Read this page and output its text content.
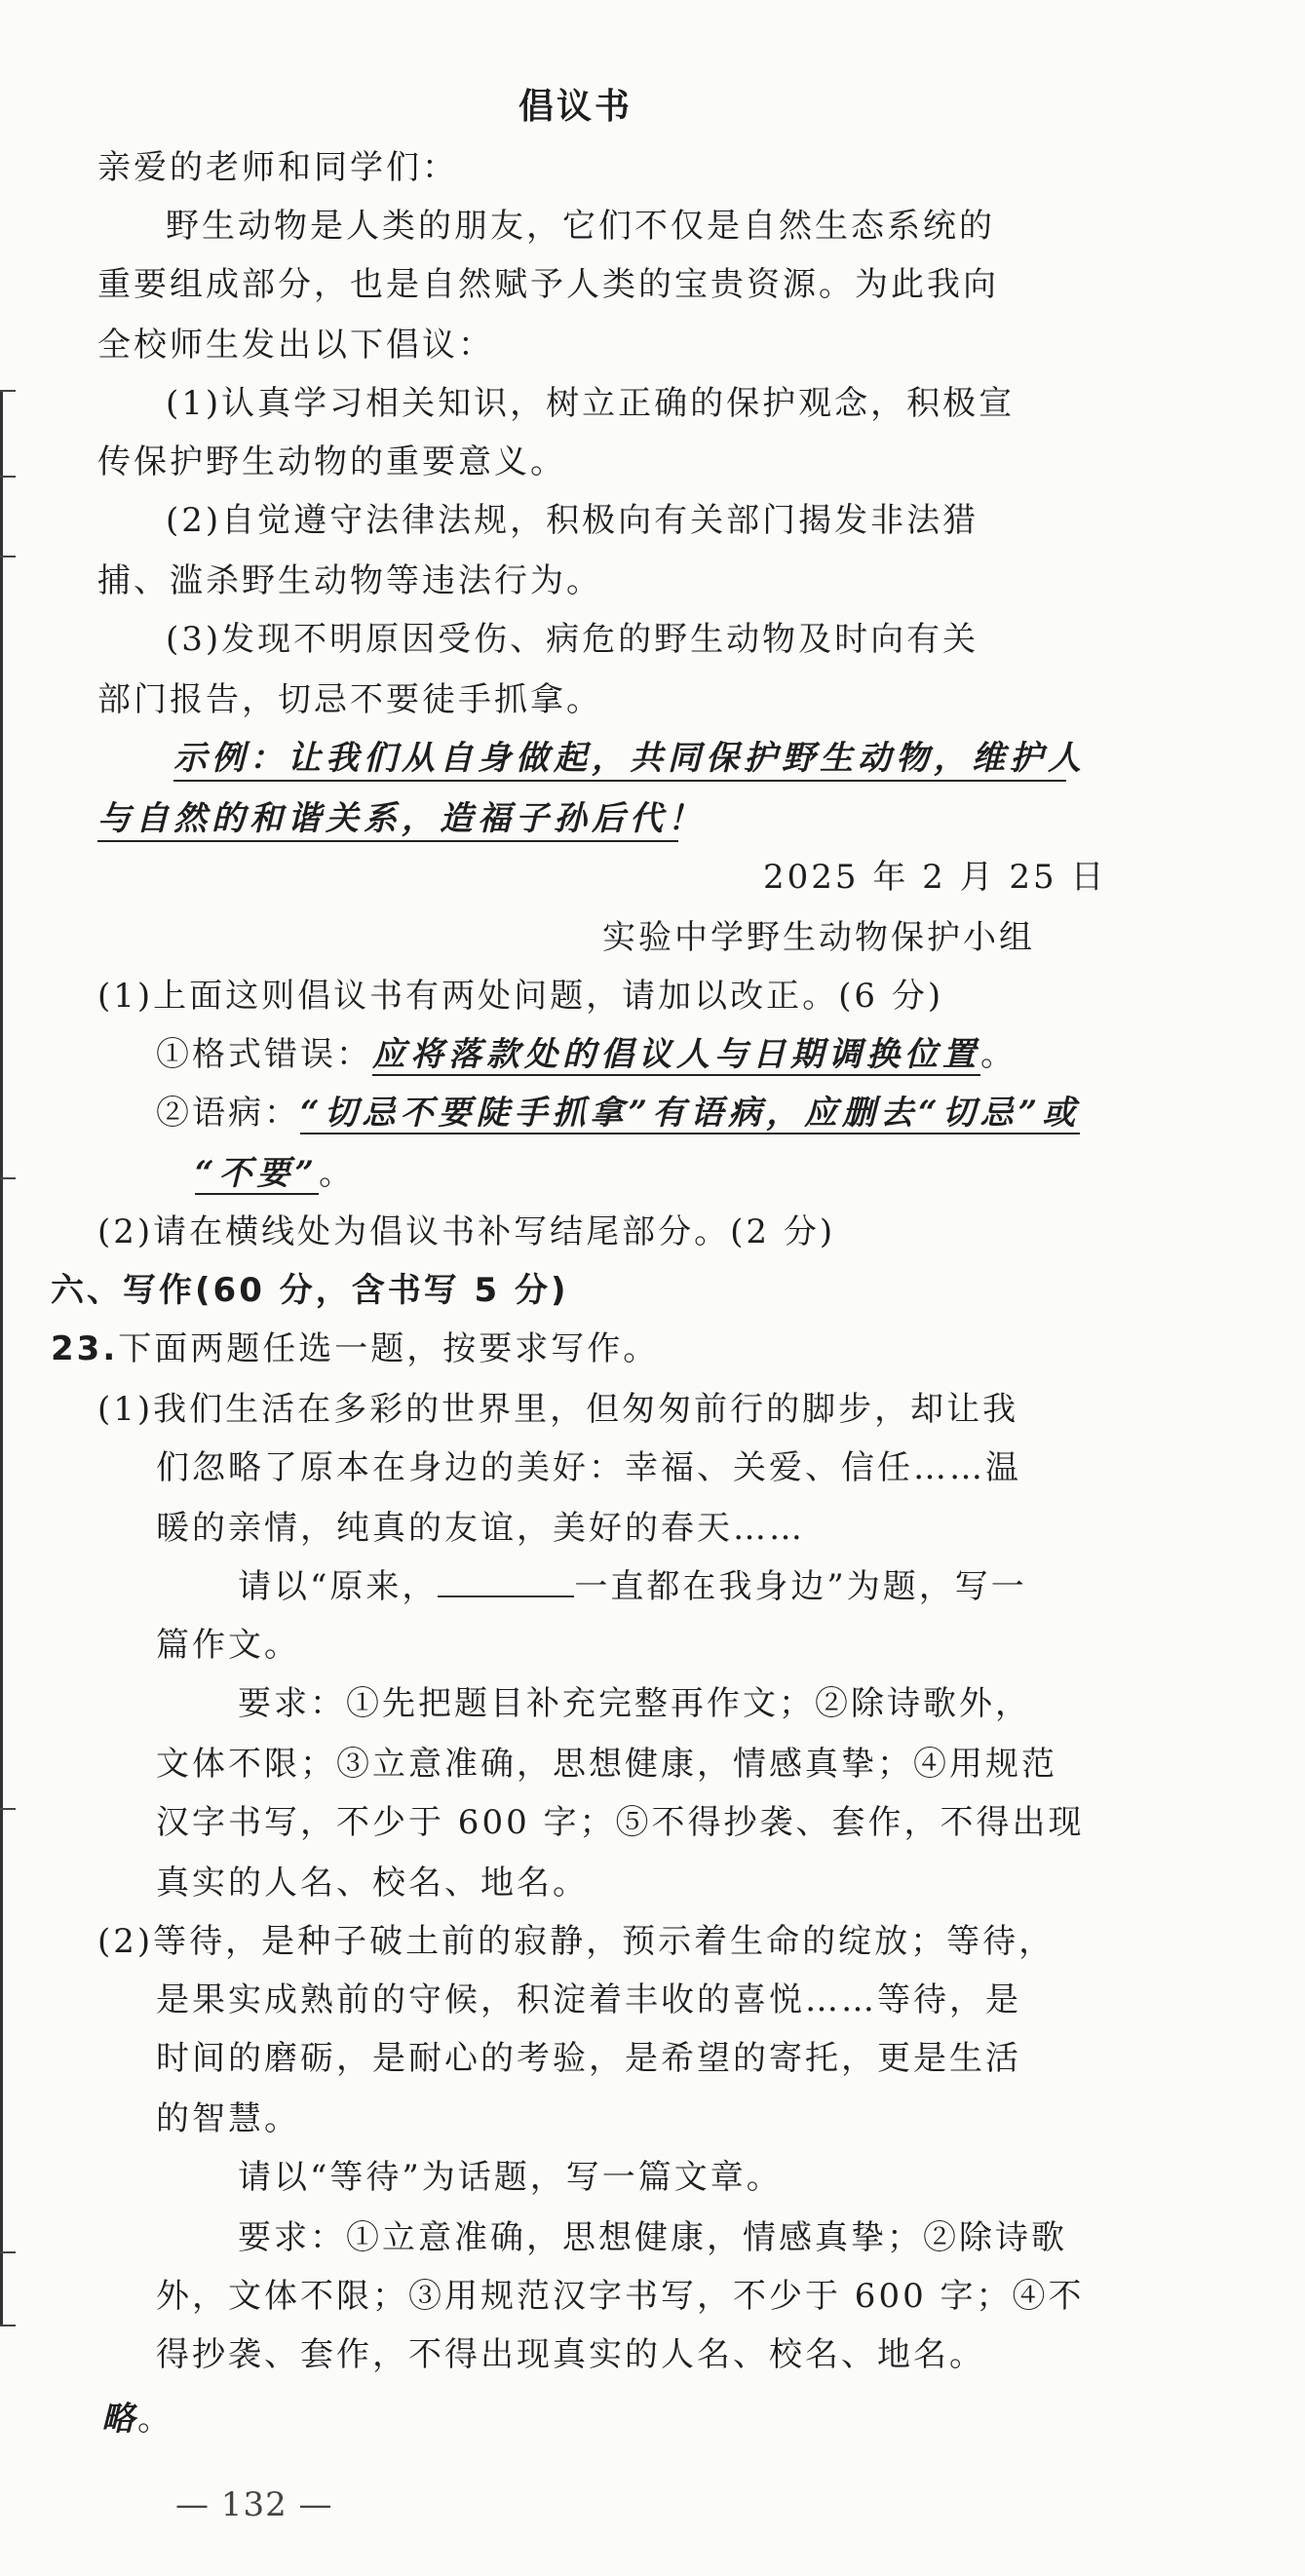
倡议书
亲爱的老师和同学们：
野生动物是人类的朋友，它们不仅是自然生态系统的
重要组成部分，也是自然赋予人类的宝贵资源。为此我向
全校师生发出以下倡议：
(1)认真学习相关知识，树立正确的保护观念，积极宣
传保护野生动物的重要意义。
(2)自觉遵守法律法规，积极向有关部门揭发非法猎
捕、滥杀野生动物等违法行为。
(3)发现不明原因受伤、病危的野生动物及时向有关
部门报告，切忌不要徒手抓拿。
示例：让我们从自身做起，共同保护野生动物，维护人
与自然的和谐关系，造福子孙后代！
2025 年 2 月 25 日
实验中学野生动物保护小组
(1)上面这则倡议书有两处问题，请加以改正。(6 分)
①格式错误：应将落款处的倡议人与日期调换位置。
②语病：“切忌不要陡手抓拿”有语病，应删去“切忌”或
“不要”。
(2)请在横线处为倡议书补写结尾部分。(2 分)
六、写作(60 分，含书写 5 分)
23.下面两题任选一题，按要求写作。
(1)我们生活在多彩的世界里，但匆匆前行的脚步，却让我
们忽略了原本在身边的美好：幸福、关爱、信任……温
暖的亲情，纯真的友谊，美好的春天……
请以“原来，	一直都在我身边”为题，写一
篇作文。
要求：①先把题目补充完整再作文；②除诗歌外，
文体不限；③立意准确，思想健康，情感真挚；④用规范
汉字书写，不少于 600 字；⑤不得抄袭、套作，不得出现
真实的人名、校名、地名。
(2)等待，是种子破土前的寂静，预示着生命的绽放；等待，
是果实成熟前的守候，积淀着丰收的喜悦……等待，是
时间的磨砺，是耐心的考验，是希望的寄托，更是生活
的智慧。
请以“等待”为话题，写一篇文章。
要求：①立意准确，思想健康，情感真挚；②除诗歌
外，文体不限；③用规范汉字书写，不少于 600 字；④不
得抄袭、套作，不得出现真实的人名、校名、地名。
略。
— 132 —
